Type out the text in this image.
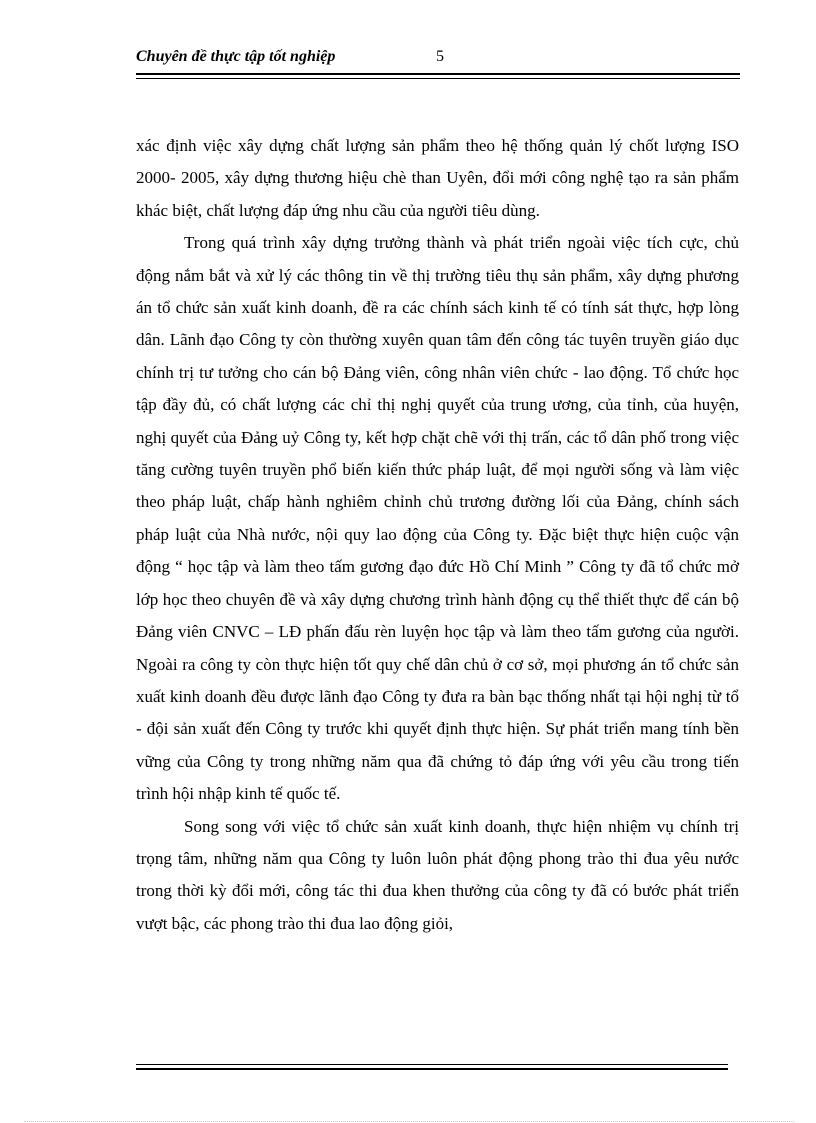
Chuyên đề thực tập tốt nghiệp	5

xác định việc xây dựng chất lượng sản phẩm theo hệ thống quản lý chốt lượng ISO 2000- 2005, xây dựng thương hiệu chè than Uyên, đổi mới công nghệ tạo ra sản phẩm khác biệt, chất lượng đáp ứng nhu cầu của người tiêu dùng.

Trong quá trình xây dựng trưởng thành và phát triển ngoài việc tích cực, chủ động nắm bắt và xử lý các thông tin về thị trường tiêu thụ sản phẩm, xây dựng phương án tổ chức sản xuất kinh doanh, đề ra các chính sách kinh tế có tính sát thực, hợp lòng dân. Lãnh đạo Công ty còn thường xuyên quan tâm đến công tác tuyên truyền giáo dục chính trị tư tưởng cho cán bộ Đảng viên, công nhân viên chức - lao động. Tổ chức học tập đầy đủ, có chất lượng các chỉ thị nghị quyết của trung ương, của tỉnh, của huyện, nghị quyết của Đảng uỷ Công ty, kết hợp chặt chẽ với thị trấn, các tổ dân phố trong việc tăng cường tuyên truyền phổ biến kiến thức pháp luật, để mọi người sống và làm việc theo pháp luật, chấp hành nghiêm chỉnh chủ trương đường lối của Đảng, chính sách pháp luật của Nhà nước, nội quy lao động của Công ty. Đặc biệt thực hiện cuộc vận động “ học tập và làm theo tấm gương đạo đức Hồ Chí Minh ” Công ty đã tổ chức mở lớp học theo chuyên đề và xây dựng chương trình hành động cụ thể thiết thực để cán bộ Đảng viên CNVC – LĐ phấn đấu rèn luyện học tập và làm theo tấm gương của người. Ngoài ra công ty còn thực hiện tốt quy chế dân chủ ở cơ sở, mọi phương án tổ chức sản xuất kinh doanh đều được lãnh đạo Công ty đưa ra bàn bạc thống nhất tại hội nghị từ tổ - đội sản xuất đến Công ty trước khi quyết định thực hiện. Sự phát triển mang tính bền vững của Công ty trong những năm qua đã chứng tỏ đáp ứng với yêu cầu trong tiến trình hội nhập kinh tế quốc tế.

Song song với việc tổ chức sản xuất kinh doanh, thực hiện nhiệm vụ chính trị trọng tâm, những năm qua Công ty luôn luôn phát động phong trào thi đua yêu nước trong thời kỳ đổi mới, công tác thi đua khen thưởng của công ty đã có bước phát triển vượt bậc, các phong trào thi đua lao động giỏi,
